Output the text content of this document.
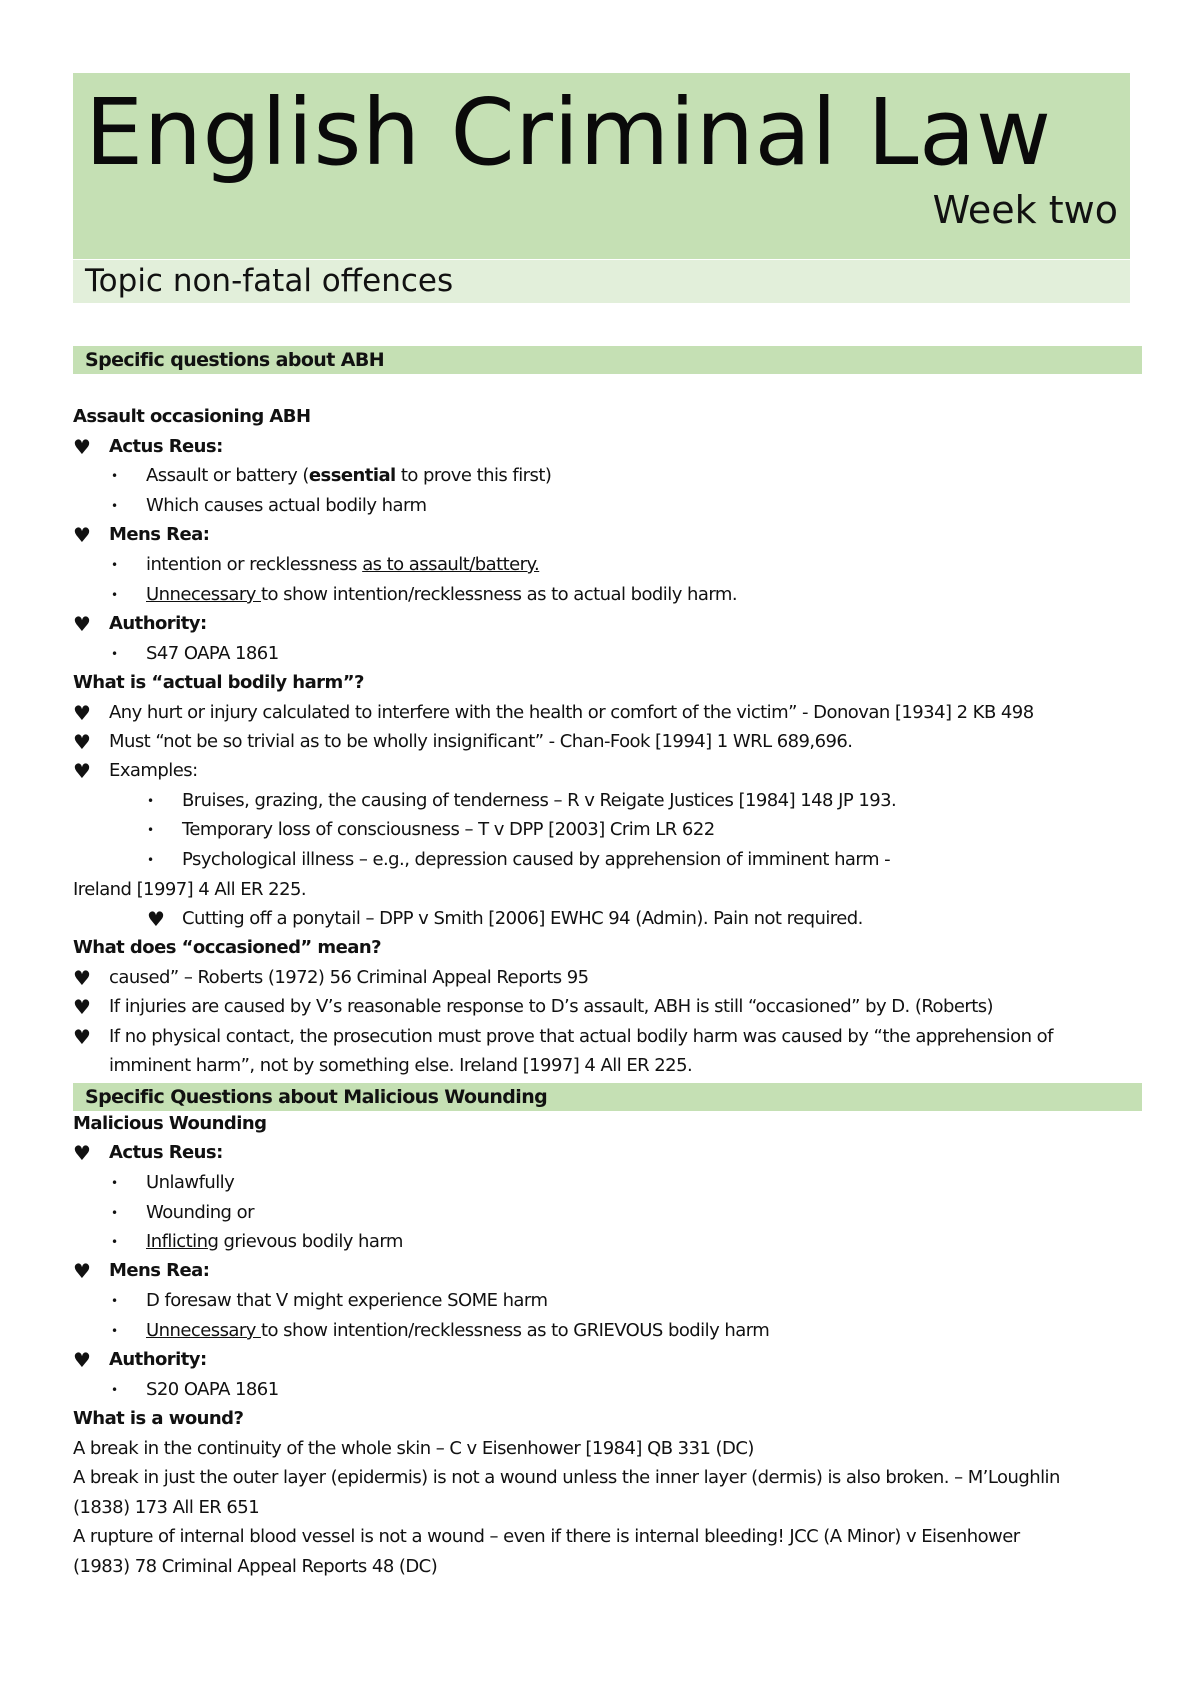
English Criminal Law
Week two
Topic non-fatal offences
Specific questions about ABH
Assault occasioning ABH
♥ Actus Reus:
• Assault or battery (essential to prove this first)
• Which causes actual bodily harm
♥ Mens Rea:
• intention or recklessness as to assault/battery.
• Unnecessary to show intention/recklessness as to actual bodily harm.
♥ Authority:
• S47 OAPA 1861
What is “actual bodily harm”?
♥ Any hurt or injury calculated to interfere with the health or comfort of the victim” - Donovan [1934] 2 KB 498
♥ Must “not be so trivial as to be wholly insignificant” - Chan-Fook [1994] 1 WRL 689,696.
♥ Examples:
• Bruises, grazing, the causing of tenderness – R v Reigate Justices [1984] 148 JP 193.
• Temporary loss of consciousness – T v DPP [2003] Crim LR 622
• Psychological illness – e.g., depression caused by apprehension of imminent harm -
Ireland [1997] 4 All ER 225.
♥ Cutting off a ponytail – DPP v Smith [2006] EWHC 94 (Admin). Pain not required.
What does “occasioned” mean?
♥ caused” – Roberts (1972) 56 Criminal Appeal Reports 95
♥ If injuries are caused by V’s reasonable response to D’s assault, ABH is still “occasioned” by D. (Roberts)
♥ If no physical contact, the prosecution must prove that actual bodily harm was caused by “the apprehension of
imminent harm”, not by something else. Ireland [1997] 4 All ER 225.
Specific Questions about Malicious Wounding
Malicious Wounding
♥ Actus Reus:
• Unlawfully
• Wounding or
• Inflicting grievous bodily harm
♥ Mens Rea:
• D foresaw that V might experience SOME harm
• Unnecessary to show intention/recklessness as to GRIEVOUS bodily harm
♥ Authority:
• S20 OAPA 1861
What is a wound?
A break in the continuity of the whole skin – C v Eisenhower [1984] QB 331 (DC)
A break in just the outer layer (epidermis) is not a wound unless the inner layer (dermis) is also broken. – M’Loughlin
(1838) 173 All ER 651
A rupture of internal blood vessel is not a wound – even if there is internal bleeding! JCC (A Minor) v Eisenhower
(1983) 78 Criminal Appeal Reports 48 (DC)
